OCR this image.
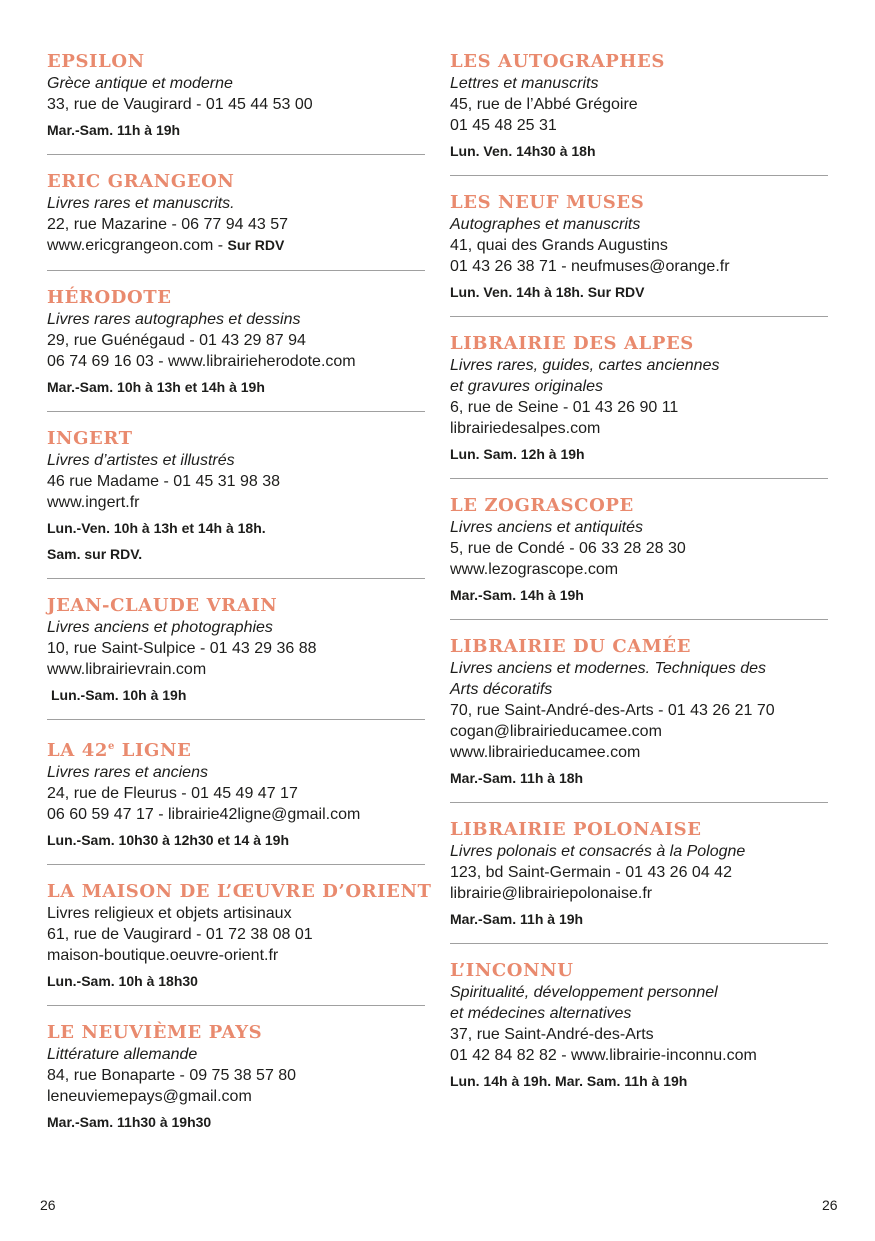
EPSILON
Grèce antique et moderne
33, rue de Vaugirard - 01 45 44 53 00
Mar.-Sam. 11h à 19h
ERIC GRANGEON
Livres rares et manuscrits.
22, rue Mazarine - 06 77 94 43 57
www.ericgrangeon.com - Sur RDV
HÉRODOTE
Livres rares autographes et dessins
29, rue Guénégaud - 01 43 29 87 94
06 74 69 16 03 - www.librairieherodote.com
Mar.-Sam. 10h à 13h et 14h à 19h
INGERT
Livres d’artistes et illustrés
46 rue Madame - 01 45 31 98 38
www.ingert.fr
Lun.-Ven. 10h à 13h et 14h à 18h.
Sam. sur RDV.
JEAN-CLAUDE VRAIN
Livres anciens et photographies
10, rue Saint-Sulpice - 01 43 29 36 88
www.librairievrain.com
Lun.-Sam. 10h à 19h
LA 42e LIGNE
Livres rares et anciens
24, rue de Fleurus - 01 45 49 47 17
06 60 59 47 17 - librairie42ligne@gmail.com
Lun.-Sam. 10h30 à 12h30 et 14 à 19h
LA MAISON DE L’ŒUVRE D’ORIENT
Livres religieux et objets artisinaux
61, rue de Vaugirard - 01 72 38 08 01
maison-boutique.oeuvre-orient.fr
Lun.-Sam. 10h à 18h30
LE NEUVIÈME PAYS
Littérature allemande
84, rue Bonaparte - 09 75 38 57 80
leneuviemepays@gmail.com
Mar.-Sam. 11h30 à 19h30
LES AUTOGRAPHES
Lettres et manuscrits
45, rue de l’Abbé Grégoire
01 45 48 25 31
Lun. Ven. 14h30 à 18h
LES NEUF MUSES
Autographes et manuscrits
41, quai des Grands Augustins
01 43 26 38 71 - neufmuses@orange.fr
Lun. Ven. 14h à 18h. Sur RDV
LIBRAIRIE DES ALPES
Livres rares, guides, cartes anciennes
et gravures originales
6, rue de Seine - 01 43 26 90 11
librairiedesalpes.com
Lun. Sam. 12h à 19h
LE ZOGRASCOPE
Livres anciens et antiquités
5, rue de Condé - 06 33 28 28 30
www.lezograscope.com
Mar.-Sam. 14h à 19h
LIBRAIRIE DU CAMÉE
Livres anciens et modernes. Techniques des
Arts décoratifs
70, rue Saint-André-des-Arts - 01 43 26 21 70
cogan@librairieducamee.com
www.librairieducamee.com
Mar.-Sam. 11h à 18h
LIBRAIRIE POLONAISE
Livres polonais et consacrés à la Pologne
123, bd Saint-Germain - 01 43 26 04 42
librairie@librairiepolonaise.fr
Mar.-Sam. 11h à 19h
L’INCONNU
Spiritualité, développement personnel
et médecines alternatives
37, rue Saint-André-des-Arts
01 42 84 82 82 - www.librairie-inconnu.com
Lun. 14h à 19h. Mar. Sam. 11h à 19h
26	26
